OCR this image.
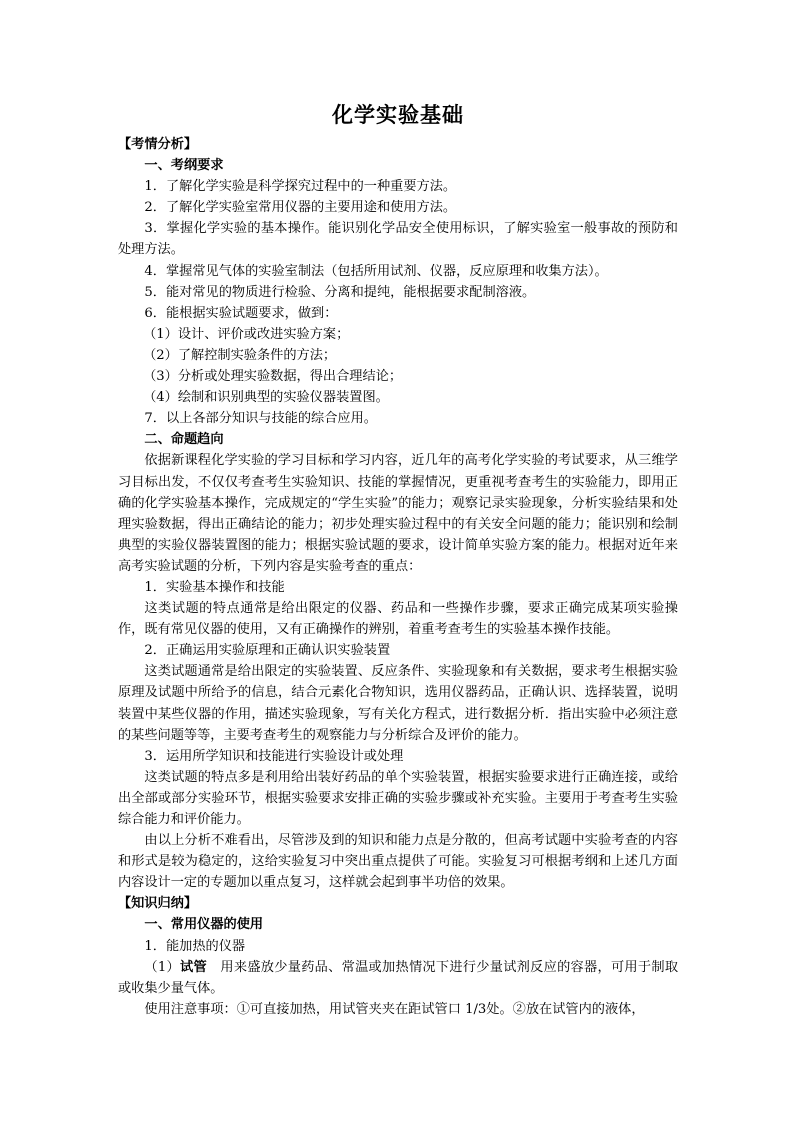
化学实验基础
【考情分析】
一、考纲要求
1．了解化学实验是科学探究过程中的一种重要方法。
2．了解化学实验室常用仪器的主要用途和使用方法。
3．掌握化学实验的基本操作。能识别化学品安全使用标识，了解实验室一般事故的预防和处理方法。
4．掌握常见气体的实验室制法（包括所用试剂、仪器，反应原理和收集方法）。
5．能对常见的物质进行检验、分离和提纯，能根据要求配制溶液。
6．能根据实验试题要求，做到：
（1）设计、评价或改进实验方案；
（2）了解控制实验条件的方法；
（3）分析或处理实验数据，得出合理结论；
（4）绘制和识别典型的实验仪器装置图。
7．以上各部分知识与技能的综合应用。
二、命题趋向
依据新课程化学实验的学习目标和学习内容，近几年的高考化学实验的考试要求，从三维学习目标出发，不仅仅考查考生实验知识、技能的掌握情况，更重视考查考生的实验能力，即用正确的化学实验基本操作，完成规定的“学生实验”的能力；观察记录实验现象，分析实验结果和处理实验数据，得出正确结论的能力；初步处理实验过程中的有关安全问题的能力；能识别和绘制典型的实验仪器装置图的能力；根据实验试题的要求，设计简单实验方案的能力。根据对近年来高考实验试题的分析，下列内容是实验考查的重点：
1．实验基本操作和技能
这类试题的特点通常是给出限定的仪器、药品和一些操作步骤，要求正确完成某项实验操作，既有常见仪器的使用，又有正确操作的辨别，着重考查考生的实验基本操作技能。
2．正确运用实验原理和正确认识实验装置
这类试题通常是给出限定的实验装置、反应条件、实验现象和有关数据，要求考生根据实验原理及试题中所给予的信息，结合元素化合物知识，选用仪器药品，正确认识、选择装置，说明装置中某些仪器的作用，描述实验现象，写有关化方程式，进行数据分析．指出实验中必须注意的某些问题等等，主要考查考生的观察能力与分析综合及评价的能力。
3．运用所学知识和技能进行实验设计或处理
这类试题的特点多是利用给出装好药品的单个实验装置，根据实验要求进行正确连接，或给出全部或部分实验环节，根据实验要求安排正确的实验步骤或补充实验。主要用于考查考生实验综合能力和评价能力。
由以上分析不难看出，尽管涉及到的知识和能力点是分散的，但高考试题中实验考查的内容和形式是较为稳定的，这给实验复习中突出重点提供了可能。实验复习可根据考纲和上述几方面内容设计一定的专题加以重点复习，这样就会起到事半功倍的效果。
【知识归纳】
一、常用仪器的使用
1．能加热的仪器
（1）试管　用来盛放少量药品、常温或加热情况下进行少量试剂反应的容器，可用于制取或收集少量气体。
使用注意事项：①可直接加热，用试管夹夹在距试管口 1/3处。②放在试管内的液体，
